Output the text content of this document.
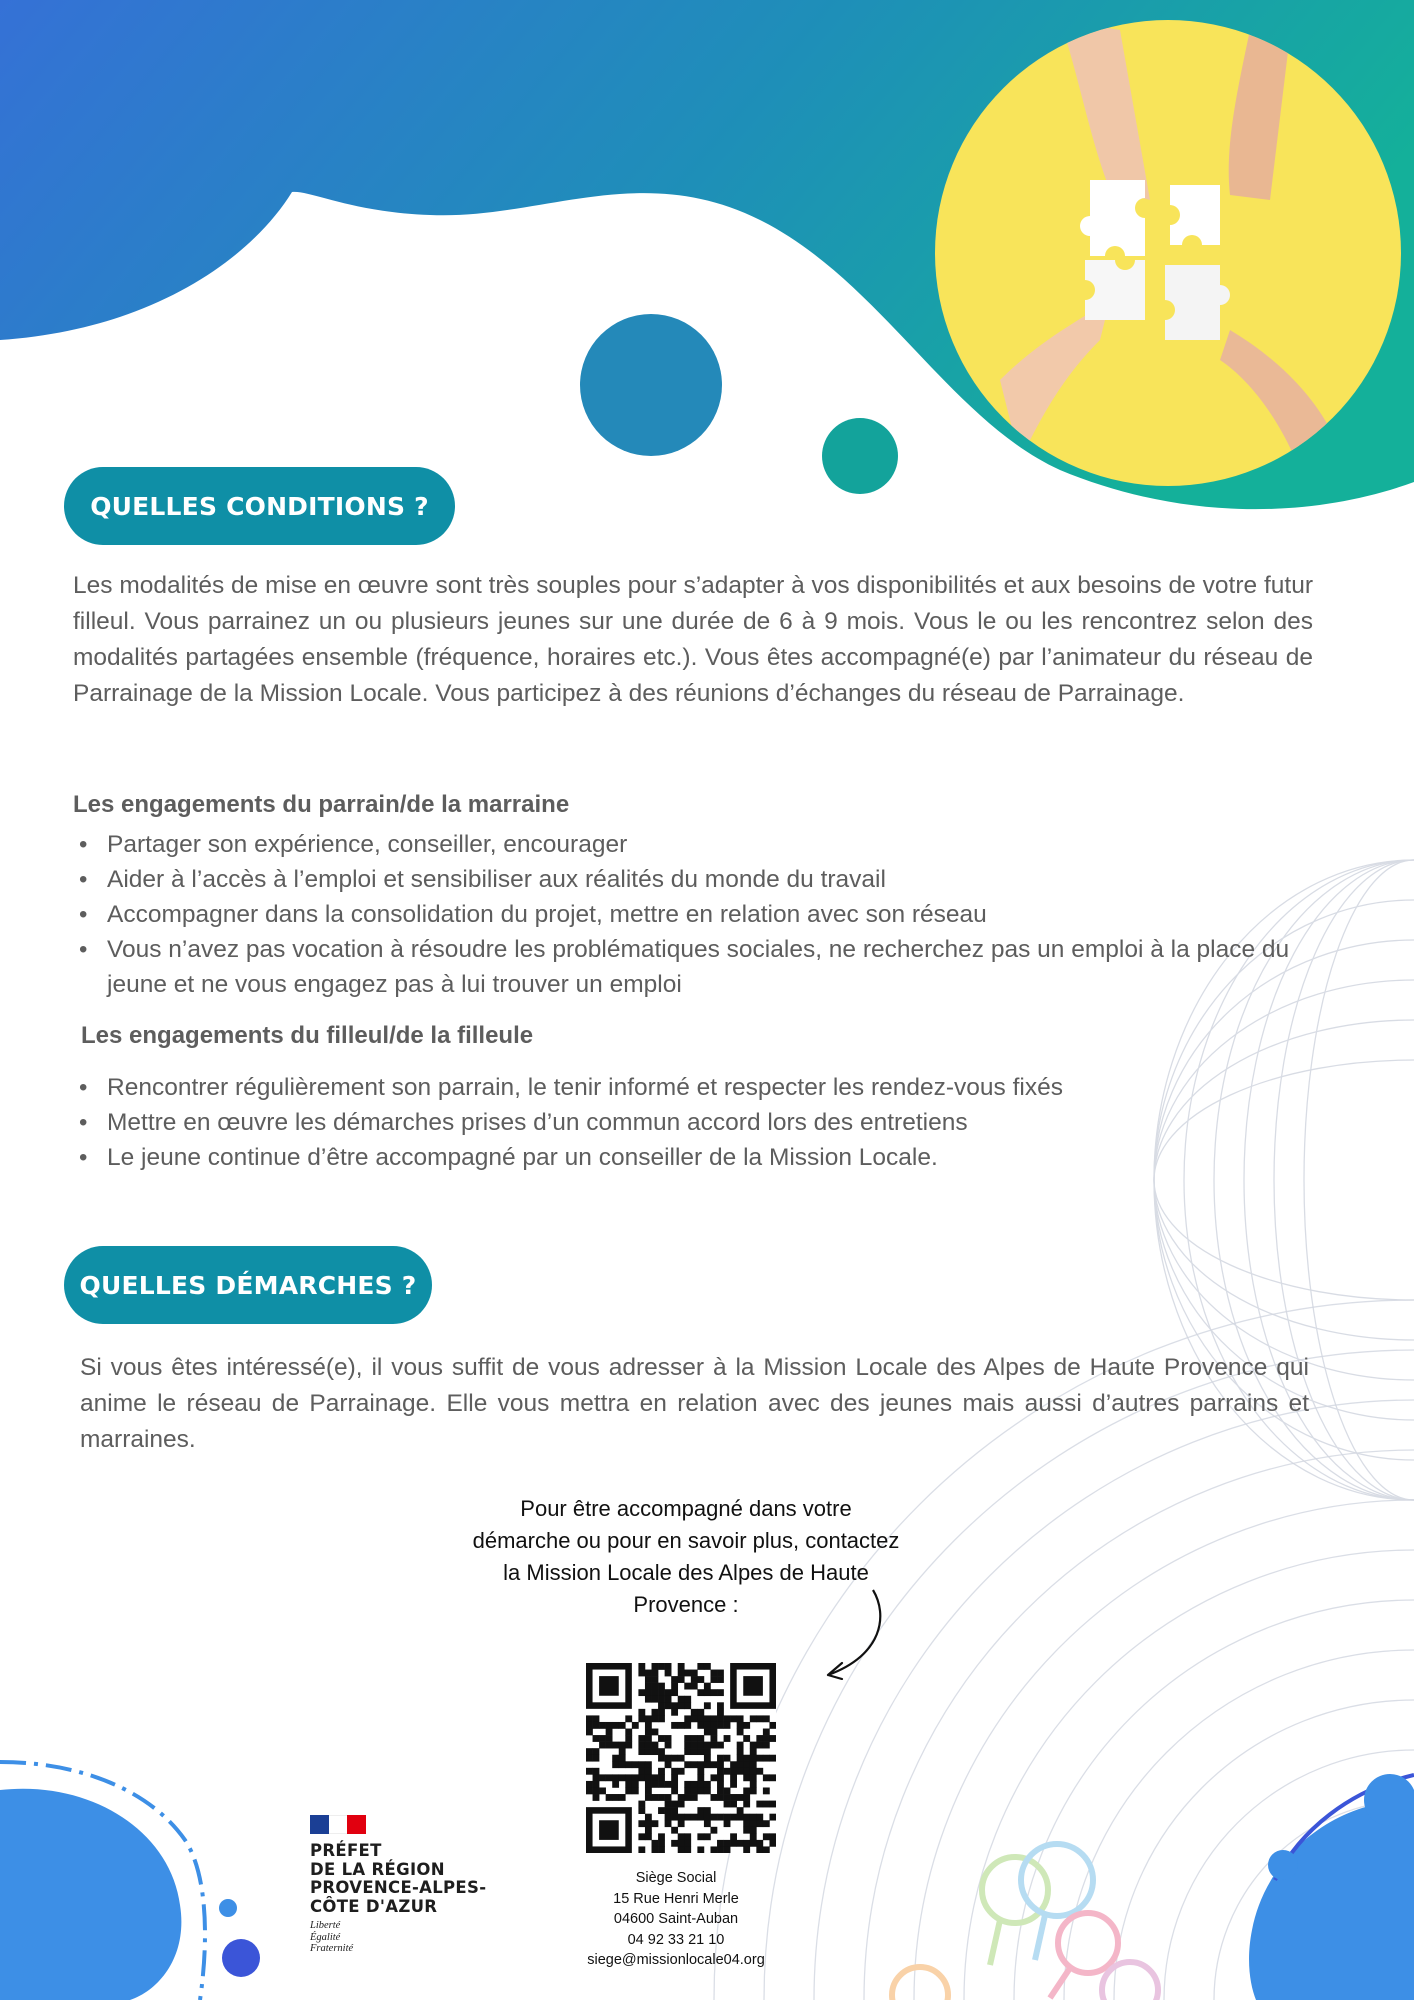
QUELLES CONDITIONS ?

Les modalités de mise en œuvre sont très souples pour s’adapter à vos disponibilités et aux besoins de votre futur filleul. Vous parrainez un ou plusieurs jeunes sur une durée de 6 à 9 mois. Vous le ou les rencontrez selon des modalités partagées ensemble (fréquence, horaires etc.). Vous êtes accompagné(e) par l’animateur du réseau de Parrainage de la Mission Locale. Vous participez à des réunions d’échanges du réseau de Parrainage.

Les engagements du parrain/de la marraine
• Partager son expérience, conseiller, encourager
• Aider à l’accès à l’emploi et sensibiliser aux réalités du monde du travail
• Accompagner dans la consolidation du projet, mettre en relation avec son réseau
• Vous n’avez pas vocation à résoudre les problématiques sociales, ne recherchez pas un emploi à la place du jeune et ne vous engagez pas à lui trouver un emploi
Les engagements du filleul/de la filleule
• Rencontrer régulièrement son parrain, le tenir informé et respecter les rendez-vous fixés
• Mettre en œuvre les démarches prises d’un commun accord lors des entretiens
• Le jeune continue d’être accompagné par un conseiller de la Mission Locale.
QUELLES DÉMARCHES ?

Si vous êtes intéressé(e), il vous suffit de vous adresser à la Mission Locale des Alpes de Haute Provence qui anime le réseau de Parrainage. Elle vous mettra en relation avec des jeunes mais aussi d’autres parrains et marraines.

Pour être accompagné dans votre démarche ou pour en savoir plus, contactez la Mission Locale des Alpes de Haute Provence :
Siège Social
15 Rue Henri Merle
04600 Saint-Auban
04 92 33 21 10
siege@missionlocale04.org
PRÉFET
DE LA RÉGION
PROVENCE-ALPES-
CÔTE D'AZUR
Liberté
Égalité
Fraternité
